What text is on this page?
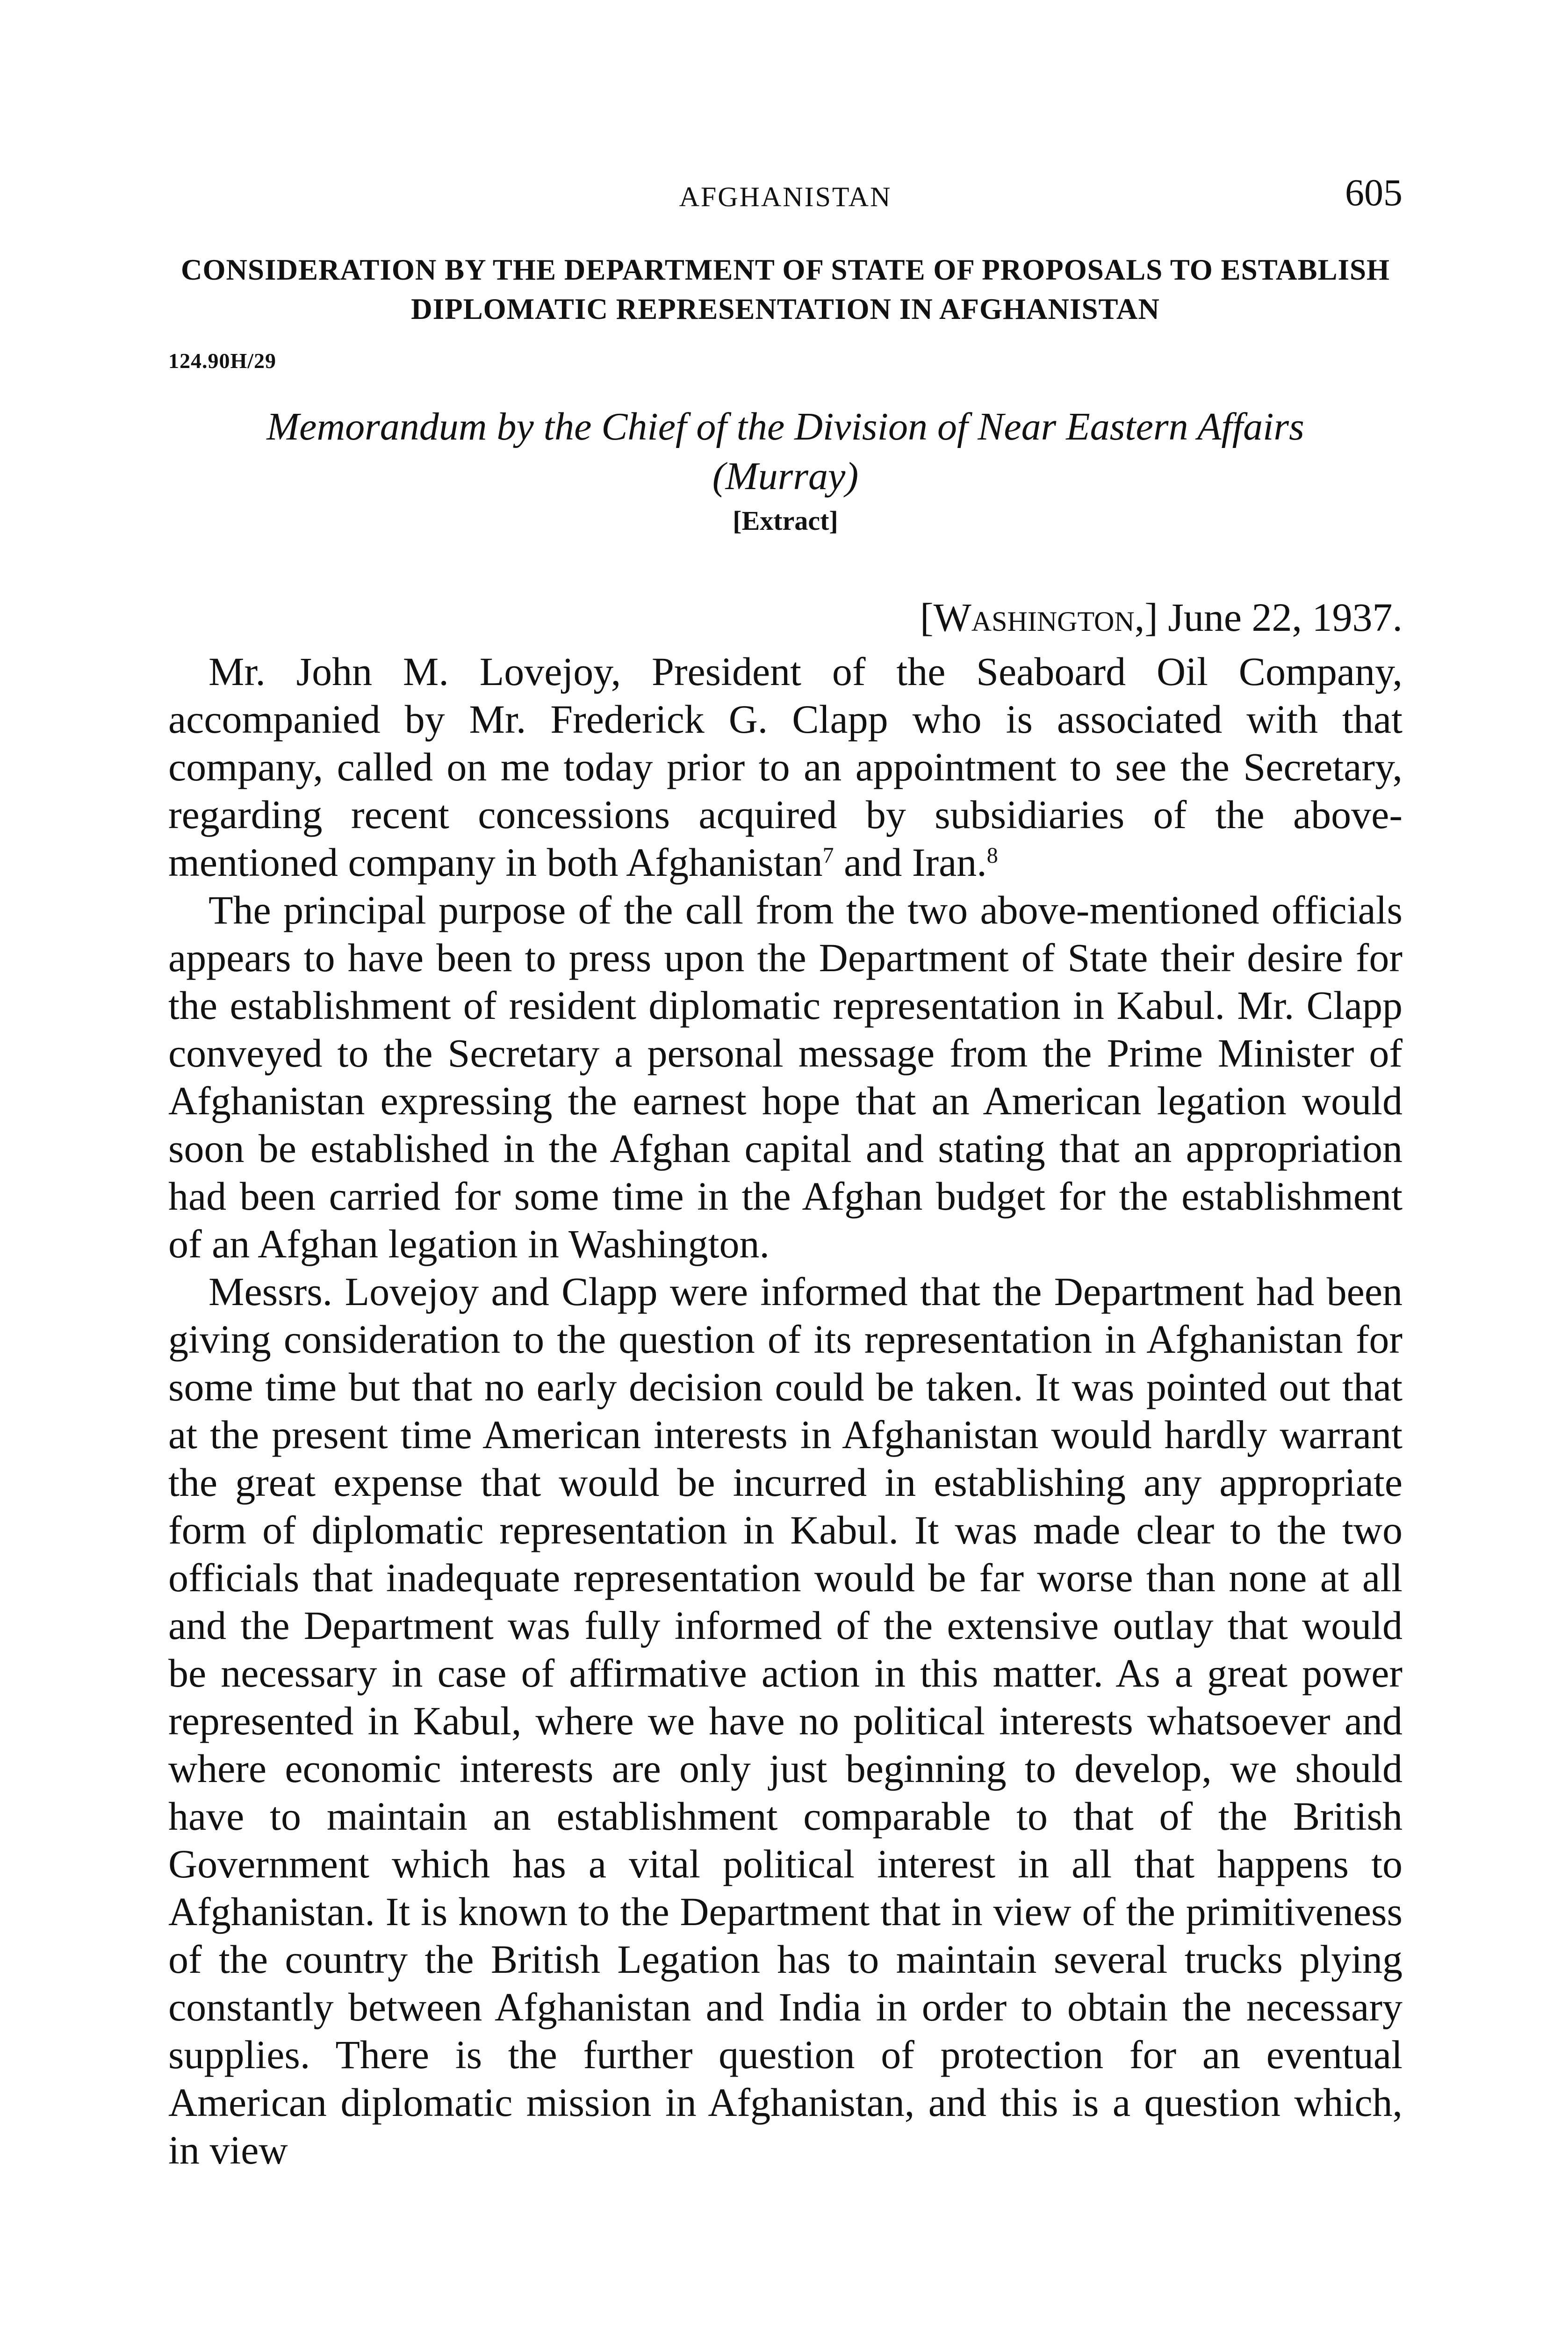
AFGHANISTAN	605
CONSIDERATION BY THE DEPARTMENT OF STATE OF PROPOSALS TO ESTABLISH DIPLOMATIC REPRESENTATION IN AFGHANISTAN
124.90H/29
Memorandum by the Chief of the Division of Near Eastern Affairs (Murray)
[Extract]
[Washington,] June 22, 1937.

Mr. John M. Lovejoy, President of the Seaboard Oil Company, accompanied by Mr. Frederick G. Clapp who is associated with that company, called on me today prior to an appointment to see the Secretary, regarding recent concessions acquired by subsidiaries of the above-mentioned company in both Afghanistan$^7$ and Iran.$^8$

The principal purpose of the call from the two above-mentioned officials appears to have been to press upon the Department of State their desire for the establishment of resident diplomatic representation in Kabul. Mr. Clapp conveyed to the Secretary a personal message from the Prime Minister of Afghanistan expressing the earnest hope that an American legation would soon be established in the Afghan capital and stating that an appropriation had been carried for some time in the Afghan budget for the establishment of an Afghan legation in Washington.

Messrs. Lovejoy and Clapp were informed that the Department had been giving consideration to the question of its representation in Afghanistan for some time but that no early decision could be taken. It was pointed out that at the present time American interests in Afghanistan would hardly warrant the great expense that would be incurred in establishing any appropriate form of diplomatic representation in Kabul. It was made clear to the two officials that inadequate representation would be far worse than none at all and the Department was fully informed of the extensive outlay that would be necessary in case of affirmative action in this matter. As a great power represented in Kabul, where we have no political interests whatsoever and where economic interests are only just beginning to develop, we should have to maintain an establishment comparable to that of the British Government which has a vital political interest in all that happens to Afghanistan. It is known to the Department that in view of the primitiveness of the country the British Legation has to maintain several trucks plying constantly between Afghanistan and India in order to obtain the necessary supplies. There is the further question of protection for an eventual American diplomatic mission in Afghanistan, and this is a question which, in view
